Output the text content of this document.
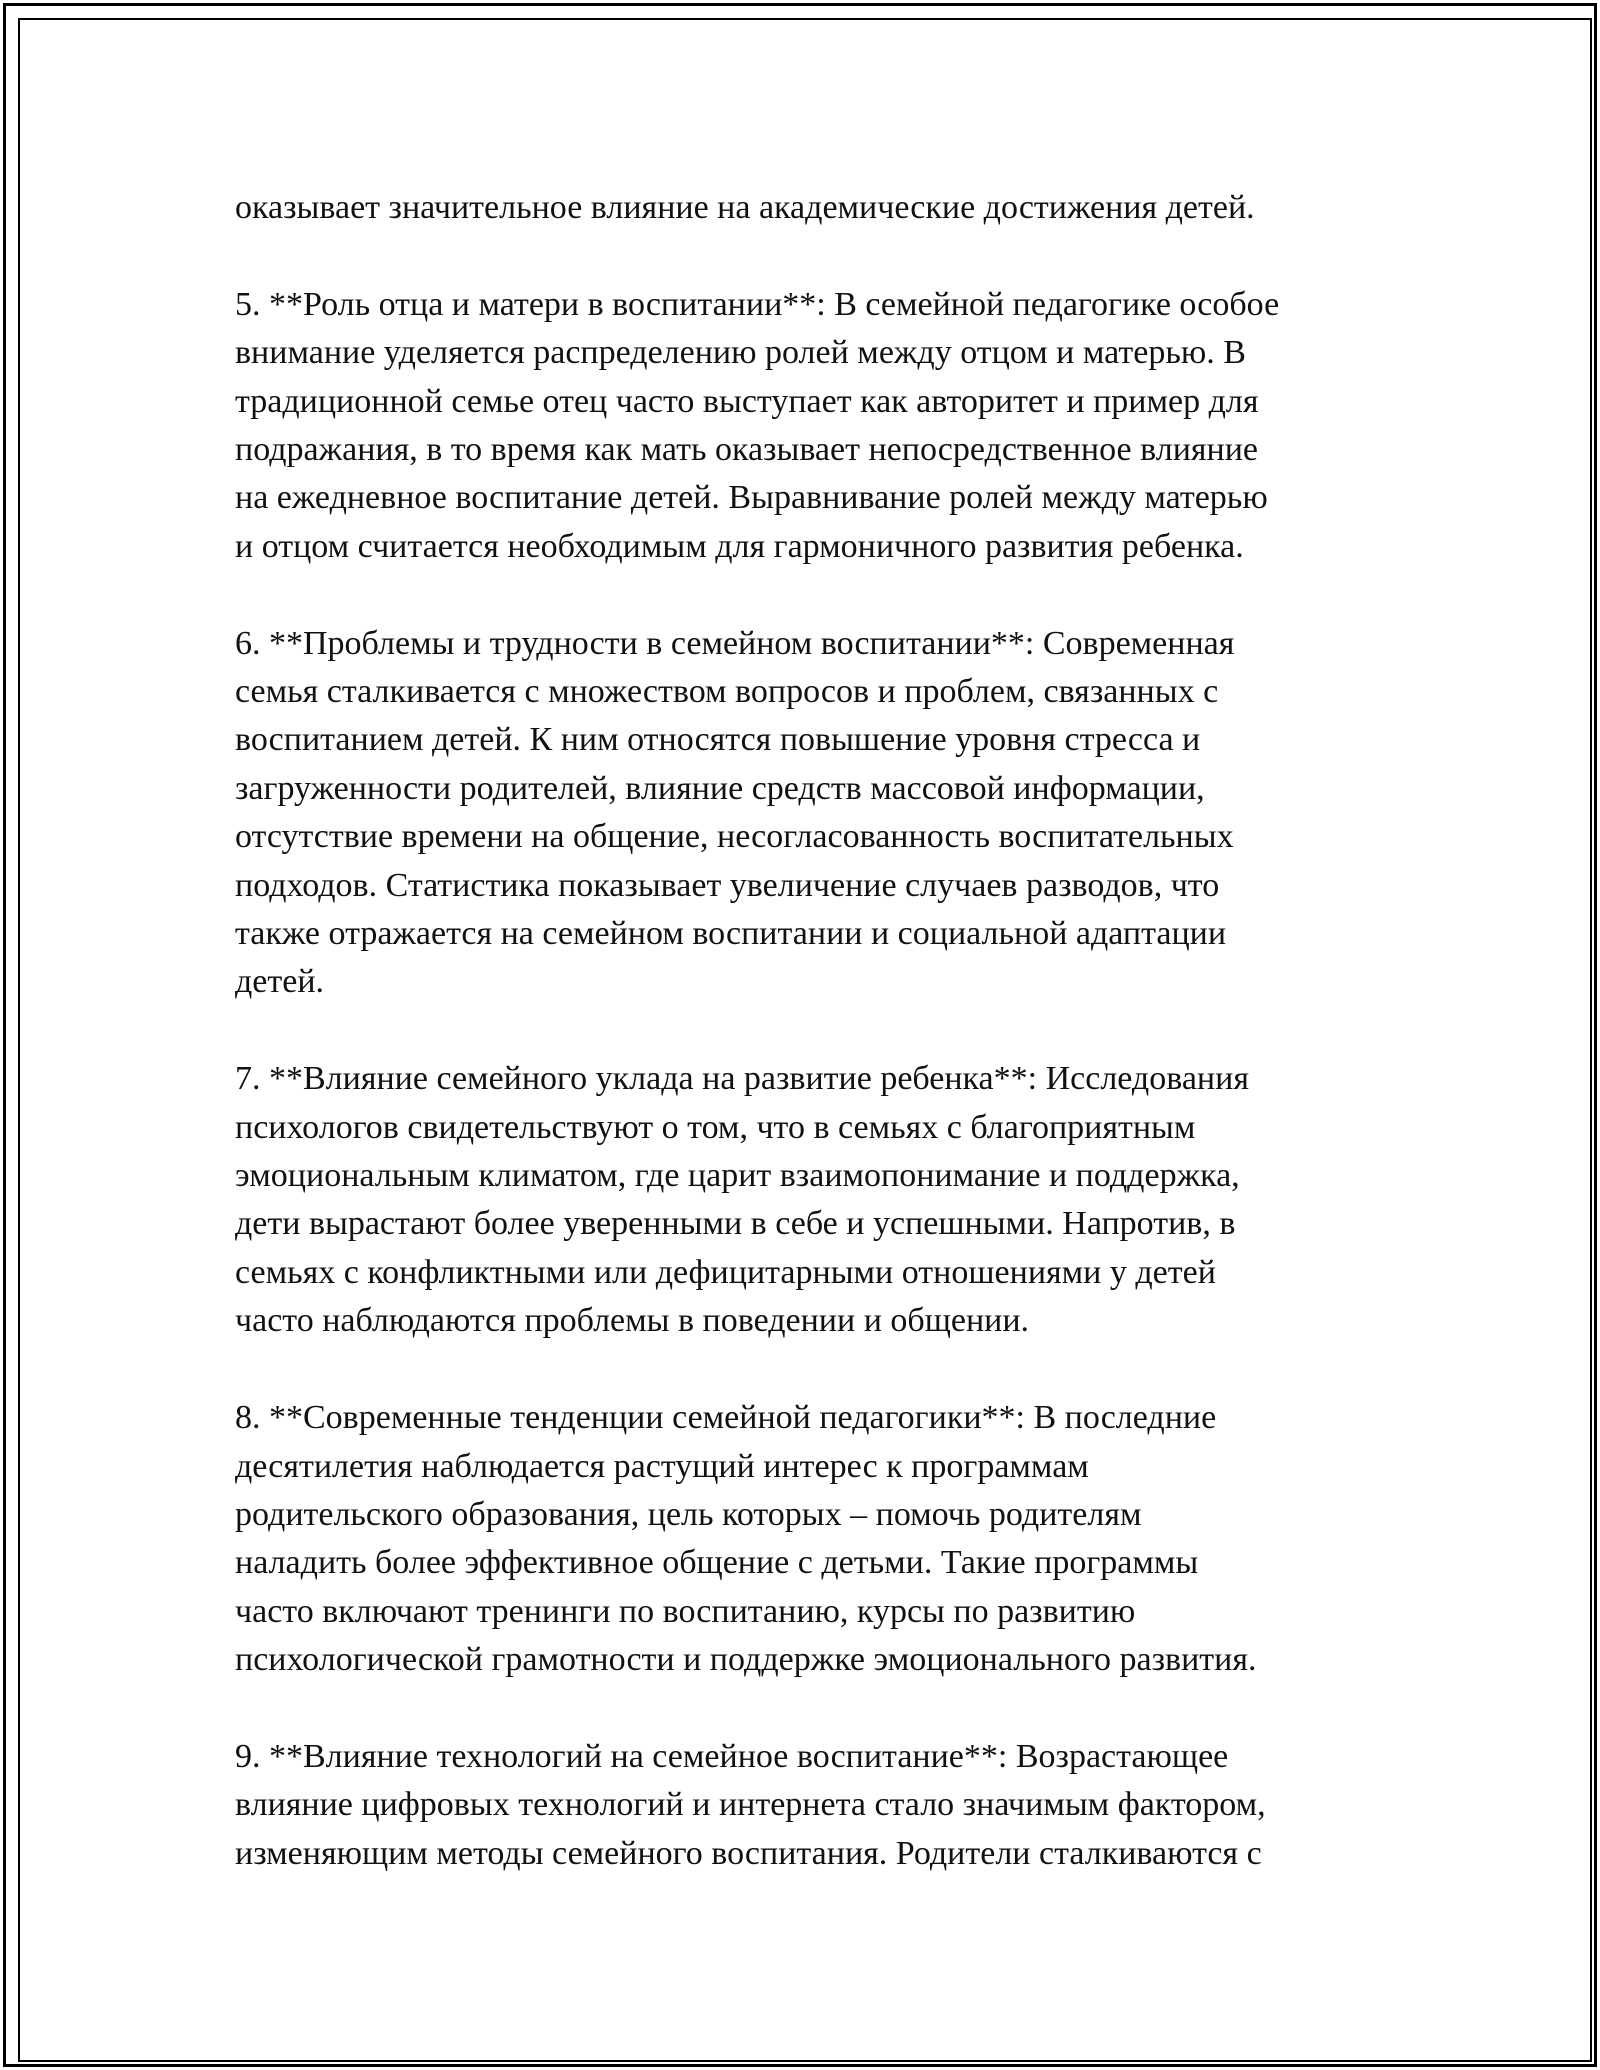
оказывает значительное влияние на академические достижения детей.

5. **Роль отца и матери в воспитании**: В семейной педагогике особое
внимание уделяется распределению ролей между отцом и матерью. В
традиционной семье отец часто выступает как авторитет и пример для
подражания, в то время как мать оказывает непосредственное влияние
на ежедневное воспитание детей. Выравнивание ролей между матерью
и отцом считается необходимым для гармоничного развития ребенка.

6. **Проблемы и трудности в семейном воспитании**: Современная
семья сталкивается с множеством вопросов и проблем, связанных с
воспитанием детей. К ним относятся повышение уровня стресса и
загруженности родителей, влияние средств массовой информации,
отсутствие времени на общение, несогласованность воспитательных
подходов. Статистика показывает увеличение случаев разводов, что
также отражается на семейном воспитании и социальной адаптации
детей.

7. **Влияние семейного уклада на развитие ребенка**: Исследования
психологов свидетельствуют о том, что в семьях с благоприятным
эмоциональным климатом, где царит взаимопонимание и поддержка,
дети вырастают более уверенными в себе и успешными. Напротив, в
семьях с конфликтными или дефицитарными отношениями у детей
часто наблюдаются проблемы в поведении и общении.

8. **Современные тенденции семейной педагогики**: В последние
десятилетия наблюдается растущий интерес к программам
родительского образования, цель которых – помочь родителям
наладить более эффективное общение с детьми. Такие программы
часто включают тренинги по воспитанию, курсы по развитию
психологической грамотности и поддержке эмоционального развития.

9. **Влияние технологий на семейное воспитание**: Возрастающее
влияние цифровых технологий и интернета стало значимым фактором,
изменяющим методы семейного воспитания. Родители сталкиваются с
